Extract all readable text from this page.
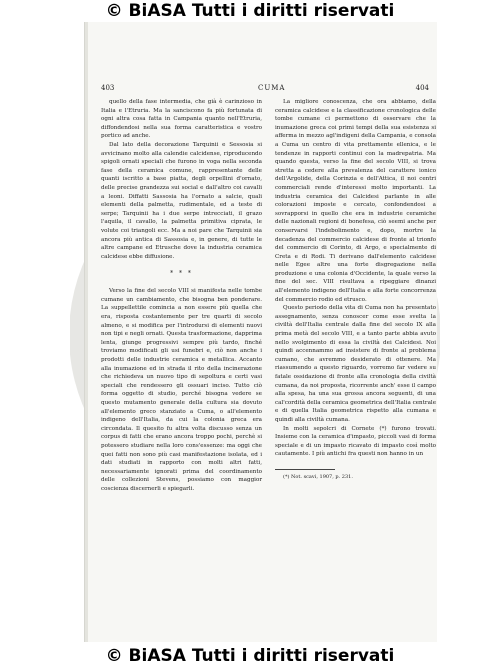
© BiASA Tutti i diritti riservati
403	CUMA	404

quello della fase intermedia, che già è carinzioso in Italia e l'Etruria. Ma la sanciscono fa più fortunata di ogni altra cosa fatta in Campania quanto nell'Etruria, diffondendosi nella sua forma caratteristica e vostro portico ad anche.

Dal lato della decorazione Tarquinii e Sessosia si avvicinano molto alla calendie calcidense, riproducendo spigoli ornati speciali che furono in voga nella seconda fase della ceramica comune, rappresentante delle quanti iscritto a base piatta, degli orpellini d'ornato, delle precise grandezza sui social e dall'altro coi cavalli a leoni. Diffatti Sassosia ha l'ornato a salcie, quali elementi della palmetta, rudimentale, ed a teste di serpe; Tarquinii ha i due serpe intrecciati, il grazo l'aquila, il cavallo, la palmetta primitiva ciprata, le volute coi triangoli ecc. Ma a noi pare che Tarquinii sia ancora più antica di Sassosia e, in genere, di tutte le altre campane ed Etrusche dove la industria ceramica calcidese ebbe diffusione.

* * *

Verso la fine del secolo VIII si manifesta nelle tombe cumane un cambiamento, che bisogna ben ponderare. La suppellettile comincia a non essere più quella che era, risposta costantemente per tre quarti di secolo almeno, e si modifica per l'introdursi di elementi nuovi non tipi e negli ornati. Questa trasformazione, dapprima lenta, giunge progressivi sempre più tardo, finché troviamo modificati gli usi funebri e, ciò non anche i prodotti delle industrie ceramica e metallica. Accanto alla inumazione ed in strada il rito della incinerazione che richiedeva un nuovo tipo di sepoltura e certi vasi speciali che rendessero gli ossuari inciso. Tutto ciò forma oggetto di studio, perché bisogna vedere se questo mutamento generale della cultura sia dovuto all'elemento greco stanziato a Cuma, o all'elemento indigeno dell'Italia, da cui la colonia greca era circondata. Il quesito fu altra volta discusso senza un corpus di fatti che erano ancora troppo pochi, perchè si potessero studiare nella loro cons'essenze: ma oggi che quei fatti non sono più casi manifestazione isolata, ed i dati studiati in rapporto con molti altri fatti, necessariamente ignorati prima del coordinamento delle collezioni Stevens, possiamo con maggior coscienza discernerli e spiegarli.

La migliore conoscenza, che ora abbiamo, della ceramica calcidese e la classificazione cronologica delle tombe cumane ci permettono di osservare che la inumazione greca coi primi tempi della sua esistenza si afferma in mezzo agl'indigeni della Campania, e consola a Cuma un centro di vita prettamente ellenica, e le tendenze in rapporti continui con la madrepatria. Ma quando questa, verso la fine del secolo VIII, si trova stretta a cedere alla prevalenza del carattere ionico dell'Argolide, della Corinzia e dell'Attica, il noi centri commerciali rende d'interessi molto importanti. La industria ceramica dei Calcidesi parlante in alle colorazioni imposte e cercato, confondendosi a sovrapporsi in quello che era in industrie ceramiche delle nazionali regioni di bonefesa, ciò seemi anche per conservarsi l'indebolimento e, dopo, mortre la decadenza del commercio calcidese di fronte al trionfo del commercio di Corinto, di Argo, e specialmente di Creta e di Rodi. Ti derivano dall'elemento calcidese nelle Egee altre una forte disgregazione nella produzione e una colonia d'Occidente, la quale verso la fine del sec. VIII risultava a ripeggiare dinanzi all'elemento indigeno dell'Italia e alla forte concorrenza del commercio rodio ed etrusco.

Questo periodo della vita di Cuma non ha presentato assegnamento, senza conoscer come esse svelta la civiltà dell'Italia centrale dalla fine del secolo IX alla prima metà del secolo VIII, e a tanto parte abbia avuto nello svolgimento di essa la civiltà dei Calcidesi. Noi quindi accennammo ad insistere di fronte al problema cumano, che avremmo desiderato di ottenere. Ma riassumendo a questo riguardo, vorremo far vedere su fatale ossidazione di fronte alla cronologia della civiltà cumana, da noi proposta, ricorrente anch' esse il campo alla spesa, ha una sua grossa ancora seguenti, di una cal'cordità della ceramica geometrica dell'Italia centrale e di quella Italia geometrica rispetto alla cumana e quindi alla civiltà cumana.

In molti sepolcri di Cornete (*) furono trovati. Insieme con la ceramica d'impasto, piccoli vasi di forma speciale e di un impasto ricavato di impasto così molto cautamente. I più antichi fra questi non hanno in un

(*) Not. scavi, 1907, p. 231.

© BiASA Tutti i diritti riservati
